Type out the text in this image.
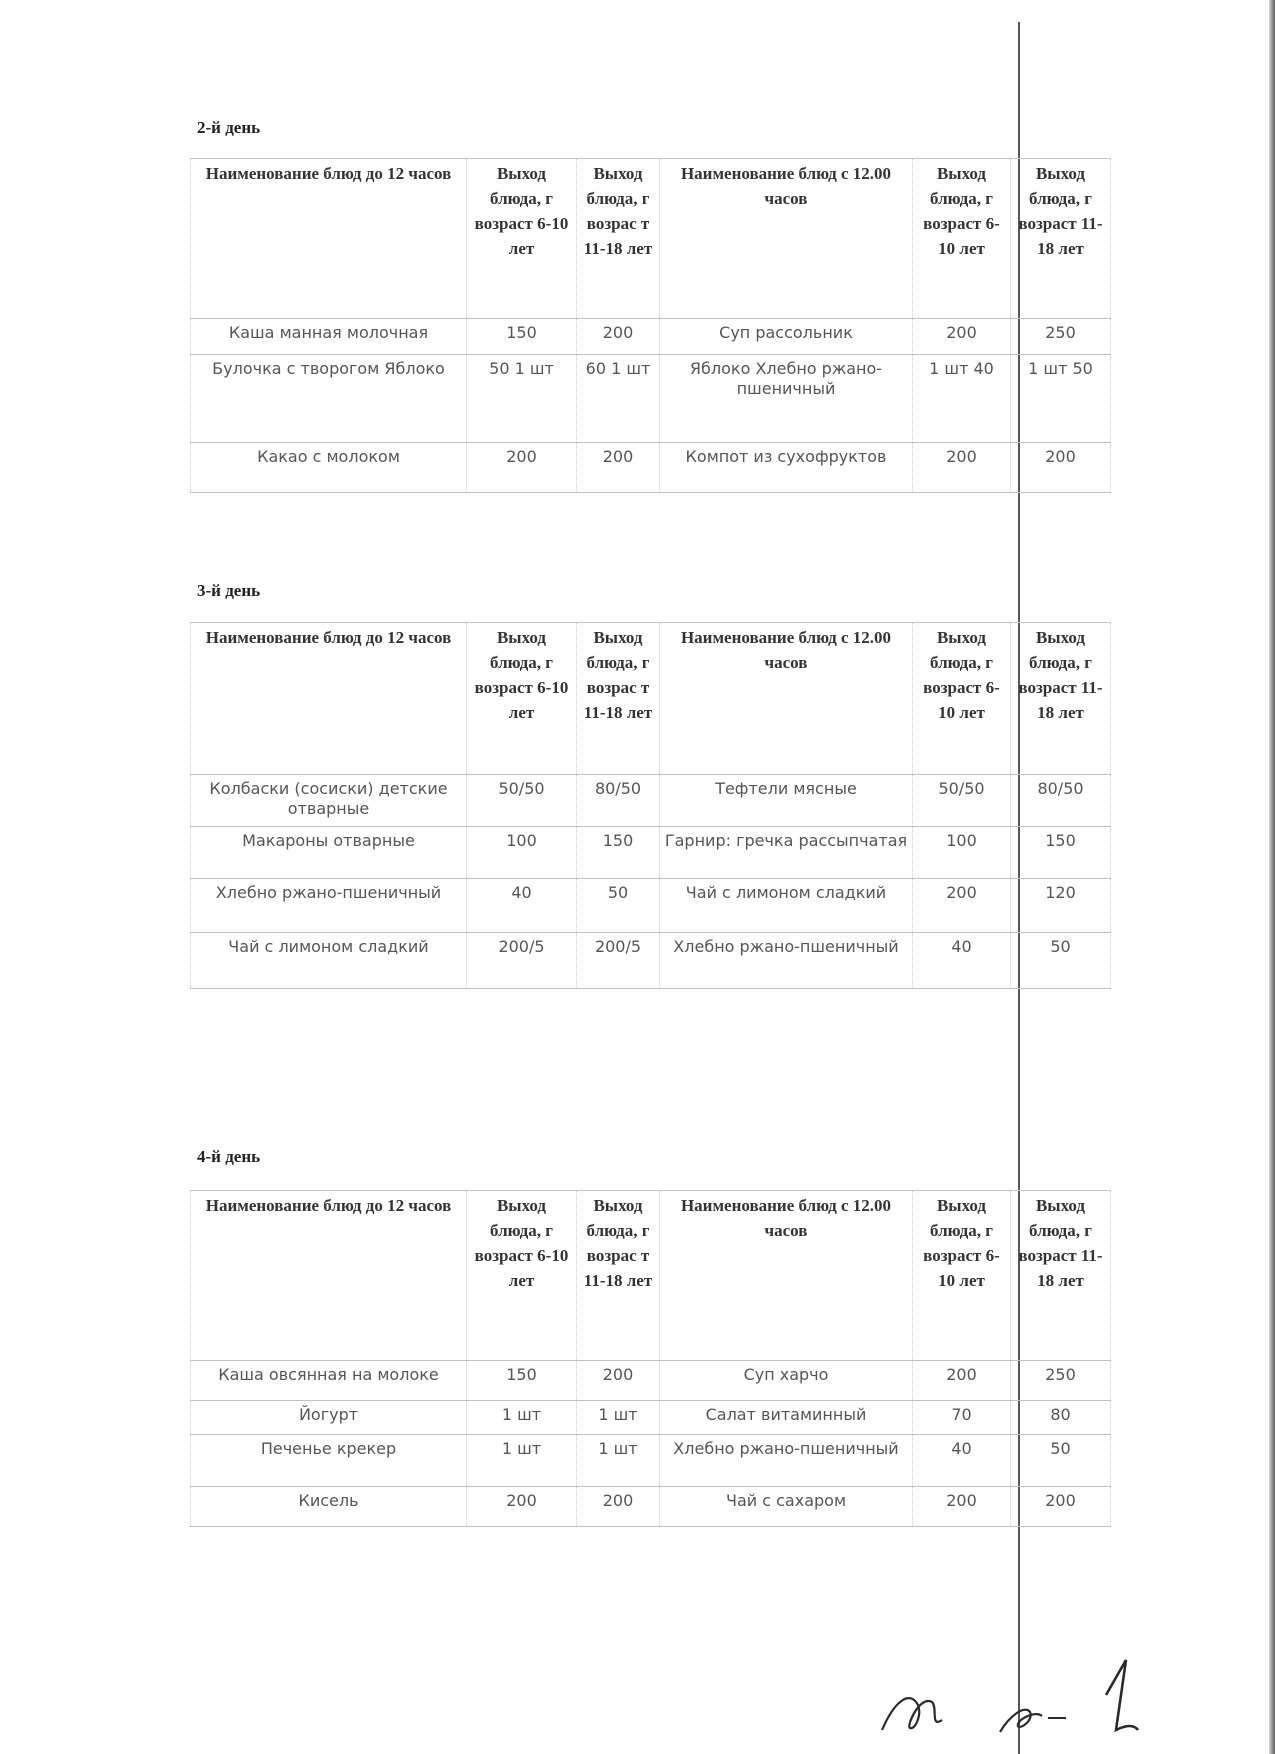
2-й день
Наименование блюд до 12 часов	Выход блюда, г возраст 6-10 лет	Выход блюда, г возрас т 11-18 лет	Наименование блюд с 12.00 часов	Выход блюда, г возраст 6-10 лет	Выход блюда, г возраст 11-18 лет
Каша манная молочная	150	200	Суп рассольник	200	250
Булочка с творогом Яблоко	50 1 шт	60 1 шт	Яблоко Хлебно ржано-пшеничный	1 шт 40	1 шт 50
Какао с молоком	200	200	Компот из сухофруктов	200	200
3-й день
Наименование блюд до 12 часов	Выход блюда, г возраст 6-10 лет	Выход блюда, г возрас т 11-18 лет	Наименование блюд с 12.00 часов	Выход блюда, г возраст 6-10 лет	Выход блюда, г возраст 11-18 лет
Колбаски (сосиски) детские отварные	50/50	80/50	Тефтели мясные	50/50	80/50
Макароны отварные	100	150	Гарнир: гречка рассыпчатая	100	150
Хлебно ржано-пшеничный	40	50	Чай с лимоном сладкий	200	120
Чай с лимоном сладкий	200/5	200/5	Хлебно ржано-пшеничный	40	50
4-й день
Наименование блюд до 12 часов	Выход блюда, г возраст 6-10 лет	Выход блюда, г возрас т 11-18 лет	Наименование блюд с 12.00 часов	Выход блюда, г возраст 6-10 лет	Выход блюда, г возраст 11-18 лет
Каша овсянная на молоке	150	200	Суп харчо	200	250
Йогурт	1 шт	1 шт	Салат витаминный	70	80
Печенье крекер	1 шт	1 шт	Хлебно ржано-пшеничный	40	50
Кисель	200	200	Чай с сахаром	200	200
